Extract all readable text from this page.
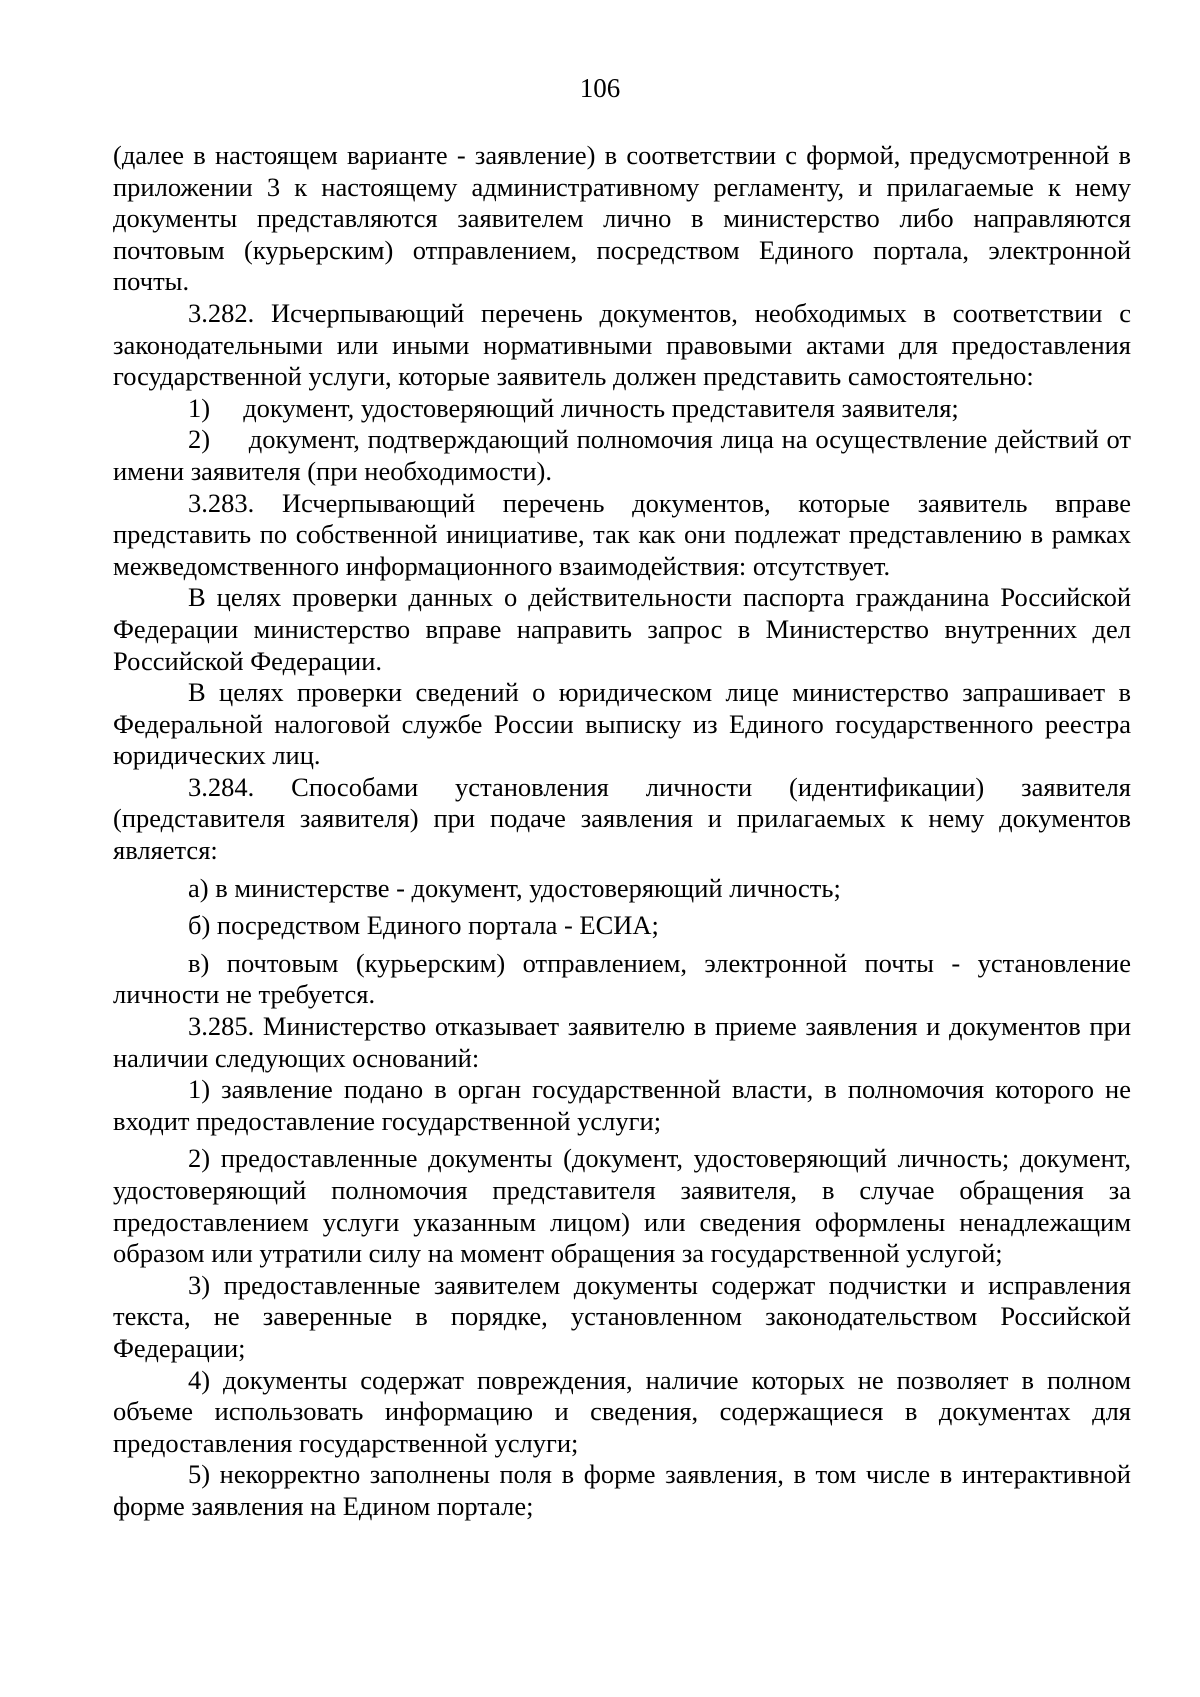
106

(далее в настоящем варианте - заявление) в соответствии с формой, предусмотренной в приложении 3 к настоящему административному регламенту, и прилагаемые к нему документы представляются заявителем лично в министерство либо направляются почтовым (курьерским) отправлением, посредством Единого портала, электронной почты.

3.282. Исчерпывающий перечень документов, необходимых в соответствии с законодательными или иными нормативными правовыми актами для предоставления государственной услуги, которые заявитель должен представить самостоятельно:

1)     документ, удостоверяющий личность представителя заявителя;

2)     документ, подтверждающий полномочия лица на осуществление действий от имени заявителя (при необходимости).

3.283. Исчерпывающий перечень документов, которые заявитель вправе представить по собственной инициативе, так как они подлежат представлению в рамках межведомственного информационного взаимодействия: отсутствует.

В целях проверки данных о действительности паспорта гражданина Российской Федерации министерство вправе направить запрос в Министерство внутренних дел Российской Федерации.

В целях проверки сведений о юридическом лице министерство запрашивает в Федеральной налоговой службе России выписку из Единого государственного реестра юридических лиц.

3.284. Способами установления личности (идентификации) заявителя (представителя заявителя) при подаче заявления и прилагаемых к нему документов является:

а) в министерстве - документ, удостоверяющий личность;

б) посредством Единого портала - ЕСИА;

в) почтовым (курьерским) отправлением, электронной почты - установление личности не требуется.

3.285. Министерство отказывает заявителю в приеме заявления и документов при наличии следующих оснований:

1) заявление подано в орган государственной власти, в полномочия которого не входит предоставление государственной услуги;

2) предоставленные документы (документ, удостоверяющий личность; документ, удостоверяющий полномочия представителя заявителя, в случае обращения за предоставлением услуги указанным лицом) или сведения оформлены ненадлежащим образом или утратили силу на момент обращения за государственной услугой;

3) предоставленные заявителем документы содержат подчистки и исправления текста, не заверенные в порядке, установленном законодательством Российской Федерации;

4) документы содержат повреждения, наличие которых не позволяет в полном объеме использовать информацию и сведения, содержащиеся в документах для предоставления государственной услуги;

5) некорректно заполнены поля в форме заявления, в том числе в интерактивной форме заявления на Едином портале;
